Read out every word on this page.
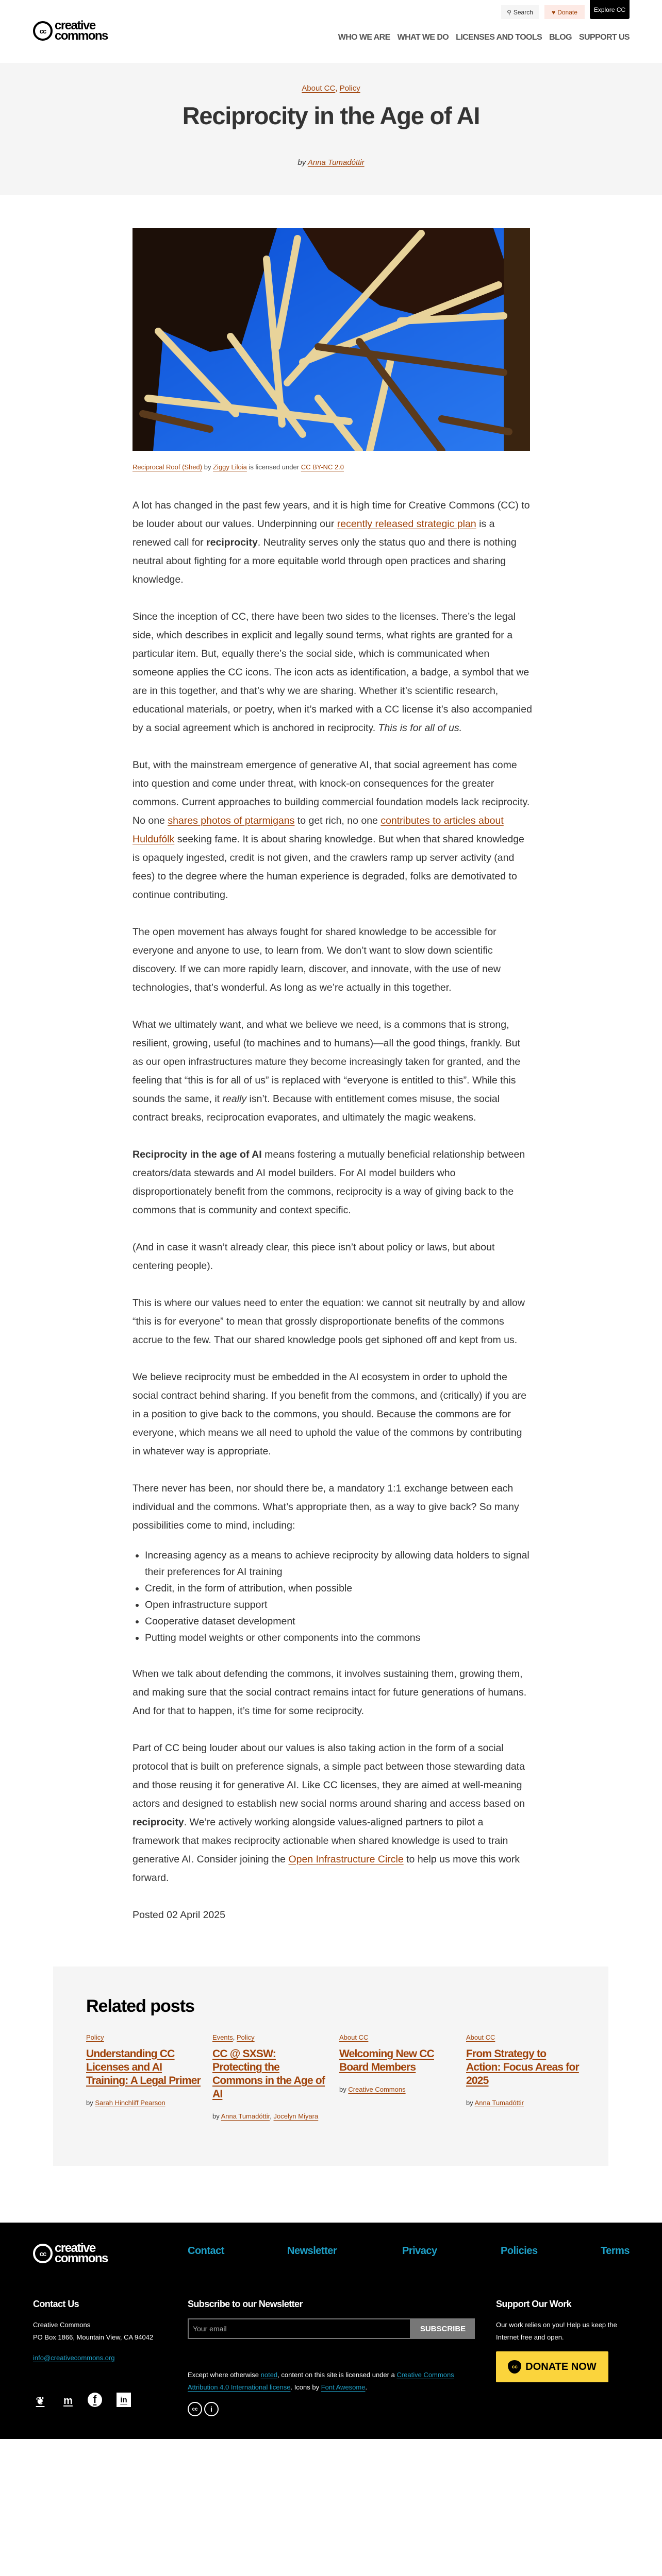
cc creative
commons
⚲ Search	♥ Donate	Explore CC
WHO WE ARE WHAT WE DO LICENSES AND TOOLS BLOG SUPPORT US
About CC, Policy
Reciprocity in the Age of AI
by Anna Tumadóttir
Reciprocal Roof (Shed) by Ziggy Liloia is licensed under CC BY-NC 2.0

A lot has changed in the past few years, and it is high time for Creative Commons (CC) to be louder about our values. Underpinning our recently released strategic plan is a renewed call for reciprocity. Neutrality serves only the status quo and there is nothing neutral about fighting for a more equitable world through open practices and sharing knowledge.

Since the inception of CC, there have been two sides to the licenses. There’s the legal side, which describes in explicit and legally sound terms, what rights are granted for a particular item. But, equally there’s the social side, which is communicated when someone applies the CC icons. The icon acts as identification, a badge, a symbol that we are in this together, and that’s why we are sharing. Whether it’s scientific research, educational materials, or poetry, when it’s marked with a CC license it’s also accompanied by a social agreement which is anchored in reciprocity. This is for all of us.

But, with the mainstream emergence of generative AI, that social agreement has come into question and come under threat, with knock-on consequences for the greater commons. Current approaches to building commercial foundation models lack reciprocity. No one shares photos of ptarmigans to get rich, no one contributes to articles about Huldufólk seeking fame. It is about sharing knowledge. But when that shared knowledge is opaquely ingested, credit is not given, and the crawlers ramp up server activity (and fees) to the degree where the human experience is degraded, folks are demotivated to continue contributing.

The open movement has always fought for shared knowledge to be accessible for everyone and anyone to use, to learn from. We don’t want to slow down scientific discovery. If we can more rapidly learn, discover, and innovate, with the use of new technologies, that’s wonderful. As long as we’re actually in this together.

What we ultimately want, and what we believe we need, is a commons that is strong, resilient, growing, useful (to machines and to humans)—all the good things, frankly. But as our open infrastructures mature they become increasingly taken for granted, and the feeling that “this is for all of us” is replaced with “everyone is entitled to this”. While this sounds the same, it really isn’t. Because with entitlement comes misuse, the social contract breaks, reciprocation evaporates, and ultimately the magic weakens.

Reciprocity in the age of AI means fostering a mutually beneficial relationship between creators/data stewards and AI model builders. For AI model builders who disproportionately benefit from the commons, reciprocity is a way of giving back to the commons that is community and context specific.

(And in case it wasn’t already clear, this piece isn’t about policy or laws, but about centering people).

This is where our values need to enter the equation: we cannot sit neutrally by and allow “this is for everyone” to mean that grossly disproportionate benefits of the commons accrue to the few. That our shared knowledge pools get siphoned off and kept from us.

We believe reciprocity must be embedded in the AI ecosystem in order to uphold the social contract behind sharing. If you benefit from the commons, and (critically) if you are in a position to give back to the commons, you should. Because the commons are for everyone, which means we all need to uphold the value of the commons by contributing in whatever way is appropriate.

There never has been, nor should there be, a mandatory 1:1 exchange between each individual and the commons. What’s appropriate then, as a way to give back? So many possibilities come to mind, including:

• Increasing agency as a means to achieve reciprocity by allowing data holders to signal their preferences for AI training
• Credit, in the form of attribution, when possible
• Open infrastructure support
• Cooperative dataset development
• Putting model weights or other components into the commons

When we talk about defending the commons, it involves sustaining them, growing them, and making sure that the social contract remains intact for future generations of humans. And for that to happen, it’s time for some reciprocity.

Part of CC being louder about our values is also taking action in the form of a social protocol that is built on preference signals, a simple pact between those stewarding data and those reusing it for generative AI. Like CC licenses, they are aimed at well-meaning actors and designed to establish new social norms around sharing and access based on reciprocity. We’re actively working alongside values-aligned partners to pilot a framework that makes reciprocity actionable when shared knowledge is used to train generative AI. Consider joining the Open Infrastructure Circle to help us move this work forward.

Posted 02 April 2025
Related posts
Policy
Understanding CC Licenses and AI Training: A Legal Primer
by Sarah Hinchliff Pearson
Events, Policy
CC @ SXSW: Protecting the Commons in the Age of AI
by Anna Tumadóttir, Jocelyn Miyara
About CC
Welcoming New CC Board Members
by Creative Commons
About CC
From Strategy to Action: Focus Areas for 2025
by Anna Tumadóttir
cc creative
commons
Contact	Newsletter	Privacy	Policies	Terms
Contact Us
Creative Commons
PO Box 1866, Mountain View, CA 94042
info@creativecommons.org
❦	m	f	in
Subscribe to our Newsletter
Your email
SUBSCRIBE
Except where otherwise noted, content on this site is licensed under a Creative Commons Attribution 4.0 International license. Icons by Font Awesome.
cc	i
Support Our Work
Our work relies on you! Help us keep the Internet free and open.
cc DONATE NOW
